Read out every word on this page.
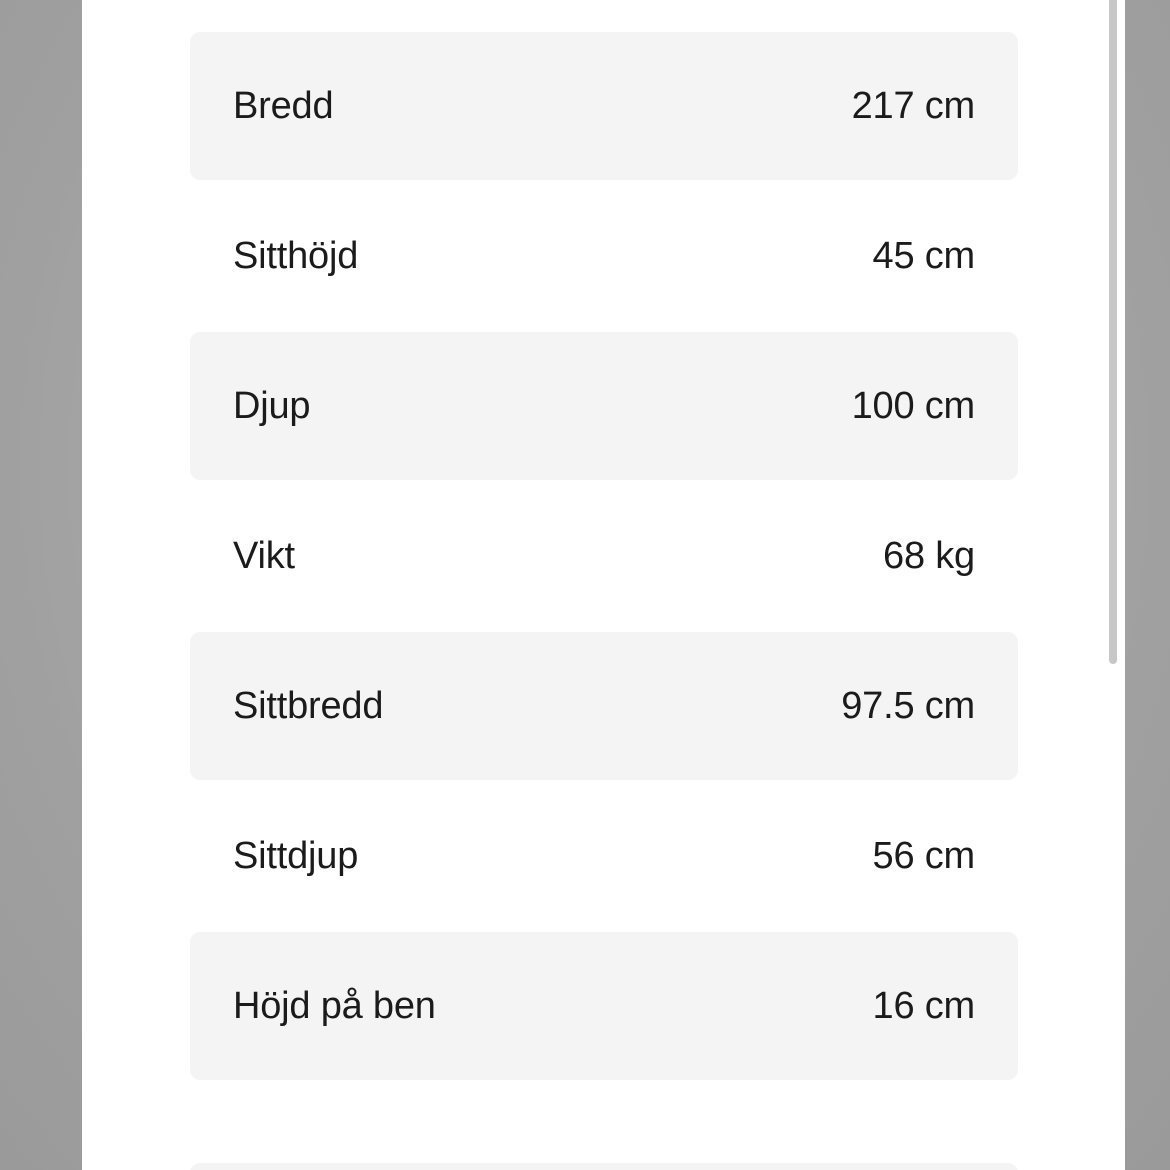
Bredd	217 cm
Sitthöjd	45 cm
Djup	100 cm
Vikt	68 kg
Sittbredd	97.5 cm
Sittdjup	56 cm
Höjd på ben	16 cm
